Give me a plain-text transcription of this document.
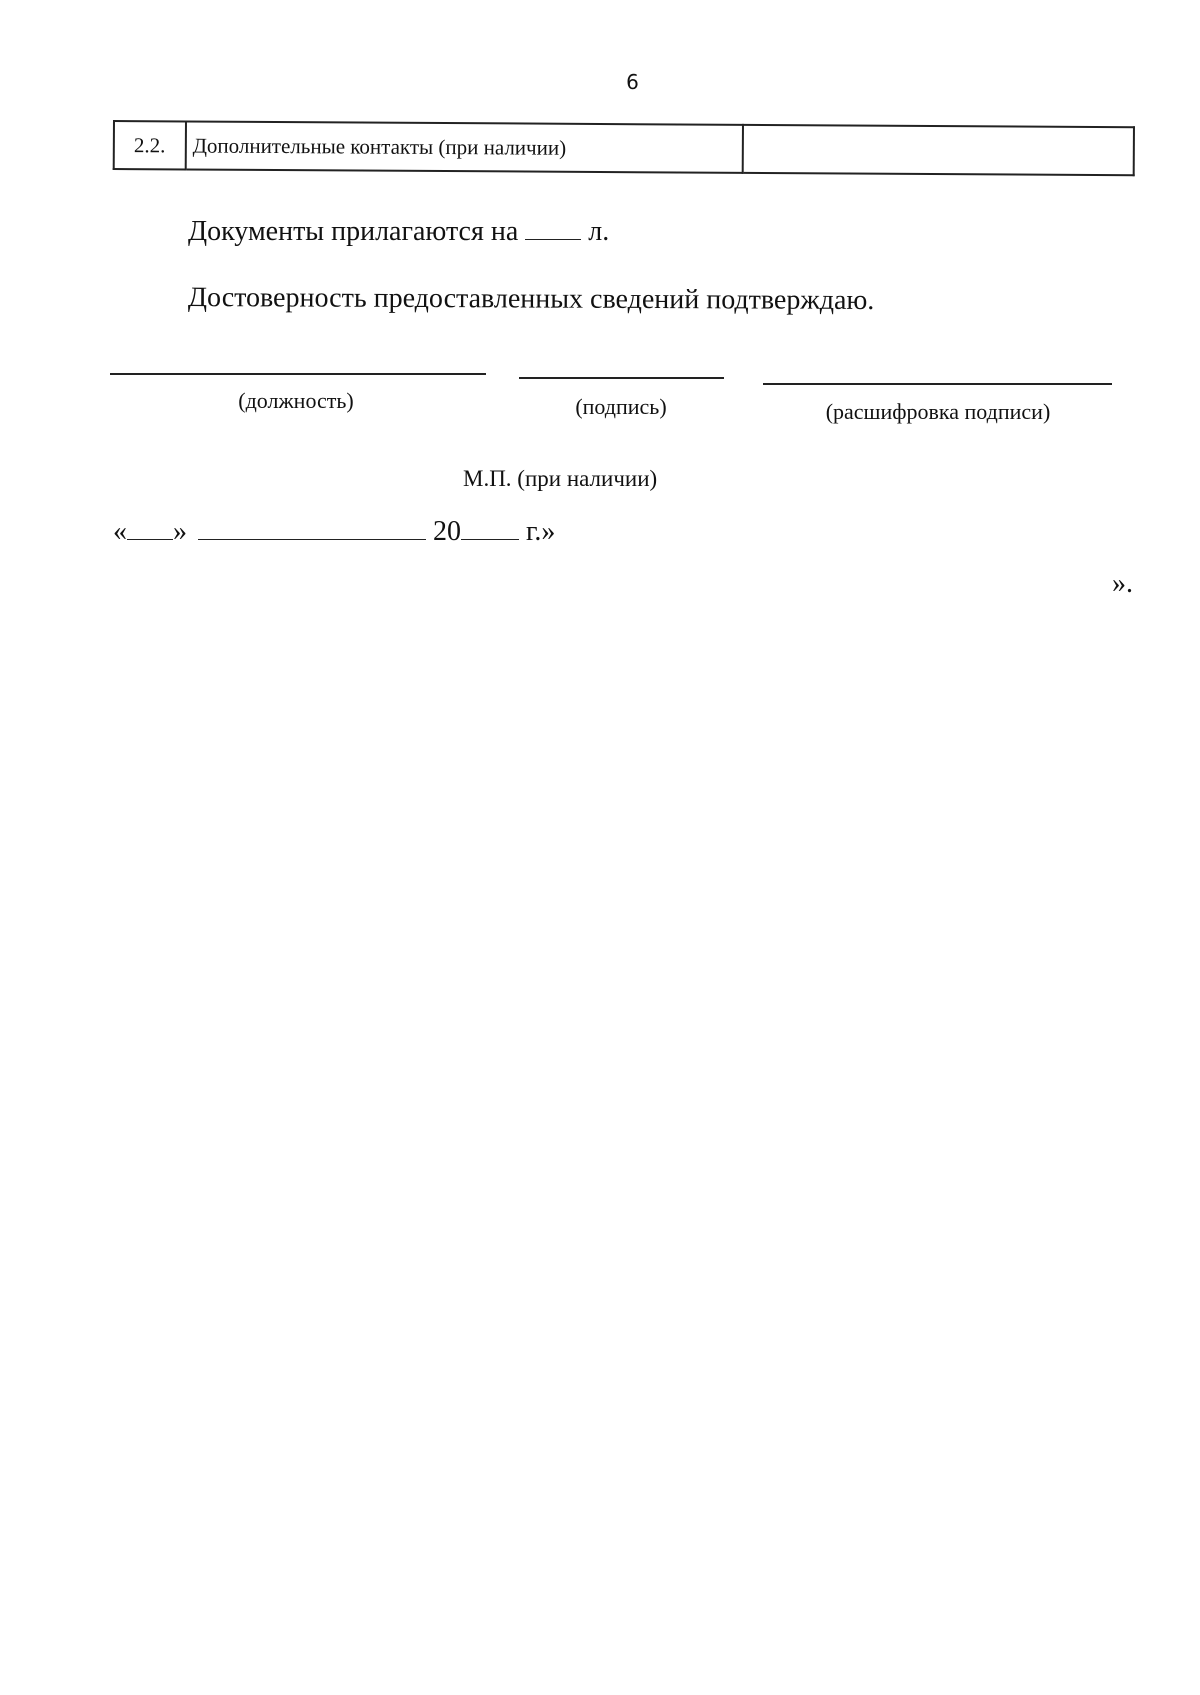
6
2.2.	Дополнительные контакты (при наличии)	
Документы прилагаются на	л.
Достоверность предоставленных сведений подтверждаю.
(должность)	(подпись)	(расшифровка подписи)
М.П. (при наличии)
« »	20 г.»
».
